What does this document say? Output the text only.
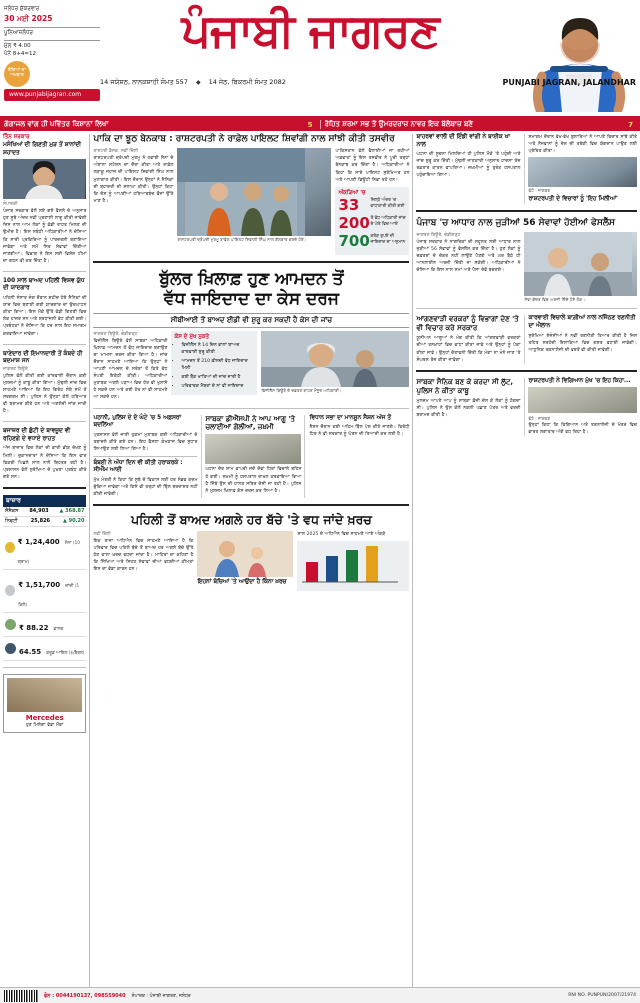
ਜਲੰਧਰ ਸ਼ੁੱਕਰਵਾਰ
30 ਮਈ 2025
ਪੂਨਿਆਜ਼ਲੰਧਰ
ਮੁੱਲ ₹ 4.00
ਪੰਨੇ 8+4=12
ਬੱਚਿਆਂ ਦਾ ਅਖ਼ਬਾਰ
www.punjabijagran.com
ਪੰਜਾਬੀ ਜਾਗਰਣ
14 ਜਯੇਸ਼ਠ, ਨਾਨਕਸ਼ਾਹੀ ਸੰਮਤ 557 ◆ 14 ਜੇਠ, ਬਿਕਰਮੀ ਸੰਮਤ 2082	PUNJABI JAGRAN, JALANDHAR
ਗੰਗਾਜਲ ਵਾਂਗ ਹੀ ਪਵਿੱਤਰ ਕਿਸ਼ਾਨਾਂ ਲਿਖਾ	5	ਰੋਹਿਤ ਸ਼ਰਮਾ ਸਭ ਤੋਂ ਉਮਰਦਰਾਜ਼ ਨਾਵਰ ਇਕ ਬੱਲੇਬਾਜ਼ ਬਣੇ	7
ਤਿੰਨ ਸਰਕਾਰ
ਮਸੰਖਿਆਂ ਦੀ ਗਿਣਤੀ ਮੁੜ ਤੋਂ ਸ਼ਾਨਾਂਦੀ ਸ਼ਹਾਦਤ
ਸੰਪਾਦਕੀ
ਪੰਜਾਬ ਸਰਕਾਰ ਵੱਲੋਂ ਲਏ ਗਏ ਫ਼ੈਸਲੇ ਦੇ ਅਨੁਸਾਰ ਹੁਣ ਸੂਬੇ ਅੰਦਰ ਨਵੀਂ ਪ੍ਰਣਾਲੀ ਲਾਗੂ ਕੀਤੀ ਜਾਵੇਗੀ ਜਿਸ ਨਾਲ ਆਮ ਲੋਕਾਂ ਨੂੰ ਵੱਡੀ ਰਾਹਤ ਮਿਲਣ ਦੀ ਉਮੀਦ ਹੈ। ਇਸ ਸਬੰਧੀ ਅਧਿਕਾਰੀਆਂ ਨੇ ਦੱਸਿਆ ਕਿ ਸਾਰੀ ਪ੍ਰਕਿਰਿਆ ਨੂੰ ਪਾਰਦਰਸ਼ੀ ਬਣਾਇਆ ਜਾਵੇਗਾ ਅਤੇ ਸਮੇਂ ਸਿਰ ਸੇਵਾਵਾਂ ਦਿੱਤੀਆਂ ਜਾਣਗੀਆਂ। ਵਿਭਾਗ ਨੇ ਇਸ ਲਈ ਵਿਸ਼ੇਸ਼ ਟੀਮਾਂ ਦਾ ਗਠਨ ਵੀ ਕਰ ਦਿੱਤਾ ਹੈ।
100 ਸਾਲ ਬਾਅਦ ਪਹਿਲੀ ਵਿਸ਼ਵ ਯੁੱਧ ਦੀ ਯਾਦਗਾਰ
ਪਹਿਲੀ ਸੰਸਾਰ ਜੰਗ ਦੌਰਾਨ ਸ਼ਹੀਦ ਹੋਏ ਸੈਨਿਕਾਂ ਦੀ ਯਾਦ ਵਿਚ ਬਣਾਈ ਗਈ ਯਾਦਗਾਰ ਦਾ ਉਦਘਾਟਨ ਕੀਤਾ ਗਿਆ। ਇਸ ਮੌਕੇ ਉੱਤੇ ਵੱਡੀ ਗਿਣਤੀ ਵਿਚ ਲੋਕ ਹਾਜ਼ਰ ਸਨ ਅਤੇ ਸ਼ਰਧਾਂਜਲੀ ਭੇਟ ਕੀਤੀ ਗਈ। ਪ੍ਰਬੰਧਕਾਂ ਨੇ ਦੱਸਿਆ ਕਿ ਹਰ ਸਾਲ ਇਹ ਸਮਾਗਮ ਕਰਵਾਇਆ ਜਾਵੇਗਾ।
ਥਾਣੇਦਾਰ ਦੀ ਇਮਾਨਦਾਰੀ ਤੋਂ ਕੰਬਦੇ ਹੀ ਬਦਮਾਸ਼ ਸਨ
ਜਾਗਰਣ ਬਿਊਰੋ
ਪੁਲਿਸ ਵੱਲੋਂ ਕੀਤੀ ਗਈ ਕਾਰਵਾਈ ਦੌਰਾਨ ਕਈ ਮੁਲਜ਼ਮਾਂ ਨੂੰ ਕਾਬੂ ਕੀਤਾ ਗਿਆ। ਮੁੱਢਲੀ ਜਾਂਚ ਵਿਚ ਸਾਹਮਣੇ ਆਇਆ ਕਿ ਇਹ ਗਿਰੋਹ ਲੰਬੇ ਸਮੇਂ ਤੋਂ ਸਰਗਰਮ ਸੀ। ਪੁਲਿਸ ਨੇ ਉਨ੍ਹਾਂ ਕੋਲੋਂ ਹਥਿਆਰ ਵੀ ਬਰਾਮਦ ਕੀਤੇ ਹਨ ਅਤੇ ਅਗਲੇਰੀ ਜਾਂਚ ਜਾਰੀ ਹੈ।
ਬਜਾਜ਼ਰ ਦੀ ਛੁੱਟੀ ਦੇ ਬਾਵਜੂਦ ਵੀ ਰਹਿਣਗੇ ਦੇ ਵਧਾਏ ਰਾਹਤ
ਅੱਜ ਬਾਜ਼ਾਰ ਵਿਚ ਲੋਕਾਂ ਦੀ ਭਾਰੀ ਭੀੜ ਦੇਖਣ ਨੂੰ ਮਿਲੀ। ਦੁਕਾਨਦਾਰਾਂ ਨੇ ਦੱਸਿਆ ਕਿ ਇਸ ਵਾਰ ਵਿਕਰੀ ਪਿਛਲੇ ਸਾਲ ਨਾਲੋਂ ਬਿਹਤਰ ਰਹੀ ਹੈ। ਪ੍ਰਸ਼ਾਸਨ ਵੱਲੋਂ ਸੁਰੱਖਿਆ ਦੇ ਪੁਖ਼ਤਾ ਪ੍ਰਬੰਧ ਕੀਤੇ ਗਏ ਸਨ।
ਬਾਜ਼ਾਰ
ਸੈਂਸੈਕਸ 84,903 ▲ 368.87
ਨਿਫਟੀ	25,826	▲ 90.20
₹ 1,24,400 ਸੋਨਾ (10 ਗ੍ਰਾਮ)
₹ 1,51,700 ਚਾਂਦੀ (1 ਕਿਲੋ)
₹ 88.22 ਡਾਲਰ
64.55 ਕਰੂਡ ਆਇਲ ($/ਬੈਰਲ)
Mercedes
ਹੁਣ ਮਿਲੇਗਾ ਵੱਡਾ ਮੌਕਾ
ਪਾਕਿ ਦਾ ਝੂਠ ਬੇਨਕਾਬ : ਰਾਸ਼ਟਰਪਤੀ ਨੇ ਰਾਫ਼ੇਲ ਪਾਇਲਟ ਸ਼ਿਵਾਂਗੀ ਨਾਲ ਸਾਂਝੀ ਕੀਤੀ ਤਸਵੀਰ
ਰਾਸ਼ਟਰੀ ਡੈਸਕ, ਨਵੀਂ ਦਿੱਲੀ
ਰਾਸ਼ਟਰਪਤੀ ਦ੍ਰੋਪਦੀ ਮੁਰਮੂ ਨੇ ਹਵਾਈ ਸੈਨਾ ਦੇ ਅੰਬਾਲਾ ਸਟੇਸ਼ਨ ਦਾ ਦੌਰਾ ਕੀਤਾ ਅਤੇ ਰਾਫ਼ੇਲ ਲੜਾਕੂ ਜਹਾਜ਼ ਦੀ ਪਾਇਲਟ ਸ਼ਿਵਾਂਗੀ ਸਿੰਘ ਨਾਲ ਮੁਲਾਕਾਤ ਕੀਤੀ। ਇਸ ਦੌਰਾਨ ਉਨ੍ਹਾਂ ਨੇ ਸੈਨਿਕਾਂ ਦੀ ਬਹਾਦਰੀ ਦੀ ਸ਼ਲਾਘਾ ਕੀਤੀ। ਉਨ੍ਹਾਂ ਕਿਹਾ ਕਿ ਦੇਸ਼ ਨੂੰ ਆਪਣੀਆਂ ਹਥਿਆਰਬੰਦ ਫੌਜਾਂ ਉੱਤੇ ਮਾਣ ਹੈ।
ਰਾਸ਼ਟਰਪਤੀ ਦ੍ਰੋਪਦੀ ਮੁਰਮੂ ਰਾਫ਼ੇਲ ਪਾਇਲਟ ਸ਼ਿਵਾਂਗੀ ਸਿੰਘ ਨਾਲ ਗੱਲਬਾਤ ਕਰਦੇ ਹੋਏ।
ਪਾਕਿਸਤਾਨ ਵੱਲੋਂ ਫੈਲਾਈਆਂ ਜਾ ਰਹੀਆਂ ਅਫ਼ਵਾਹਾਂ ਨੂੰ ਇਸ ਤਸਵੀਰ ਨੇ ਪੂਰੀ ਤਰ੍ਹਾਂ ਬੇਨਕਾਬ ਕਰ ਦਿੱਤਾ ਹੈ। ਅਧਿਕਾਰੀਆਂ ਨੇ ਕਿਹਾ ਕਿ ਸਾਰੇ ਪਾਇਲਟ ਸੁਰੱਖਿਅਤ ਹਨ ਅਤੇ ਆਪਣੀ ਡਿਊਟੀ ਨਿਭਾ ਰਹੇ ਹਨ।
ਅੰਕੜਿਆਂ 'ਚ
33	ਜ਼ਿਲ੍ਹੇ ਅੰਦਰ 'ਚ ਵਾਧਾਕਾਰੀ ਕੀਤੀ ਗਈ
200 ਤੋਂ ਵੱਧ ਅਧਿਕਾਰੀ ਜਾਂਚ ਦੇ ਘੇਰੇ ਵਿਚ ਆਏ
700 ਕਰੋੜ ਰੁਪਏ ਦੀ ਜਾਇਦਾਦ ਦਾ ਅਨੁਮਾਨ
ਬੁੱਲਰ ਖ਼ਿਲਾਫ਼ ਹੁਣ ਆਮਦਨ ਤੋਂ
ਵੱਧ ਜਾਇਦਾਦ ਦਾ ਕੇਸ ਦਰਜ
ਸੀਬੀਆਈ ਤੋਂ ਬਾਅਦ ਈਡੀ ਵੀ ਸ਼ੁਰੂ ਕਰ ਸਕਦੀ ਹੈ ਕੇਸ ਦੀ ਜਾਂਚ
ਜਾਗਰਣ ਬਿਊਰੋ, ਚੰਡੀਗੜ੍ਹ
ਵਿਜੀਲੈਂਸ ਬਿਊਰੋ ਵੱਲੋਂ ਸਾਬਕਾ ਅਧਿਕਾਰੀ ਖ਼ਿਲਾਫ਼ ਆਮਦਨ ਤੋਂ ਵੱਧ ਜਾਇਦਾਦ ਬਣਾਉਣ ਦਾ ਮਾਮਲਾ ਦਰਜ ਕੀਤਾ ਗਿਆ ਹੈ। ਜਾਂਚ ਦੌਰਾਨ ਸਾਹਮਣੇ ਆਇਆ ਕਿ ਉਨ੍ਹਾਂ ਨੇ ਆਪਣੀ ਆਮਦਨ ਦੇ ਸਰੋਤਾਂ ਤੋਂ ਕਿਤੇ ਵੱਧ ਸੰਪਤੀ ਇਕੱਠੀ ਕੀਤੀ। ਅਧਿਕਾਰੀਆਂ ਮੁਤਾਬਕ ਅਗਲੇ ਪੜਾਅ ਵਿਚ ਹੋਰ ਵੀ ਖੁਲਾਸੇ ਹੋ ਸਕਦੇ ਹਨ ਅਤੇ ਕਈ ਹੋਰ ਨਾਂ ਵੀ ਸਾਹਮਣੇ ਆ ਸਕਦੇ ਹਨ।
ਕੇਸ ਦੇ ਮੁੱਖ ਨੁਕਤੇ
• ਵਿਜੀਲੈਂਸ ਨੇ 14 ਦਿਨ ਭਾਲਾਂ ਬਾਅਦ ਕਾਰਵਾਈ ਸ਼ੁਰੂ ਕੀਤੀ
• ਆਮਦਨ ਤੋਂ 210 ਫ਼ੀਸਦੀ ਵੱਧ ਜਾਇਦਾਦ ਮਿਲੀ
• ਕਈ ਬੈਂਕ ਖਾਤਿਆਂ ਦੀ ਜਾਂਚ ਜਾਰੀ ਹੈ
• ਪਰਿਵਾਰਕ ਮੈਂਬਰਾਂ ਦੇ ਨਾਂ ਵੀ ਜਾਇਦਾਦ
ਵਿਜੀਲੈਂਸ ਬਿਊਰੋ ਦੇ ਦਫ਼ਤਰ ਬਾਹਰ ਮੌਜੂਦ ਅਧਿਕਾਰੀ।
ਪਠਾਨੀ, ਪੁਲਿਸ ਦੇ ਦੋ ਘੰਟੇ 'ਚ 5 ਅਫ਼ਸਰਾਂ ਬਦਲਿਆ
ਪ੍ਰਸ਼ਾਸਨ ਵੱਲੋਂ ਜਾਰੀ ਹੁਕਮਾਂ ਮੁਤਾਬਕ ਕਈ ਅਧਿਕਾਰੀਆਂ ਦੇ ਤਬਾਦਲੇ ਕੀਤੇ ਗਏ ਹਨ। ਇਹ ਫੈਸਲਾ ਕੰਮਕਾਜ ਵਿਚ ਸੁਧਾਰ ਲਿਆਉਣ ਲਈ ਲਿਆ ਗਿਆ ਹੈ।
ਬੰਬਈ ਨੇ ਅੱਧਾ ਦਿਨ ਵੀ ਕੀਤੀ ਹਰਾਕਰਕੇ : ਸੀਐੱਮ ਆਈ
ਮੁੱਖ ਮੰਤਰੀ ਨੇ ਕਿਹਾ ਕਿ ਸੂਬੇ ਦੇ ਵਿਕਾਸ ਲਈ ਹਰ ਸੰਭਵ ਕਦਮ ਚੁੱਕਿਆ ਜਾਵੇਗਾ ਅਤੇ ਕਿਸੇ ਵੀ ਤਰ੍ਹਾਂ ਦੀ ਢਿੱਲ ਬਰਦਾਸ਼ਤ ਨਹੀਂ ਕੀਤੀ ਜਾਵੇਗੀ।
ਸਾਬਕਾ ਡੀਐੱਸਪੀ ਨੇ ਆਪ ਆਗੂ 'ਤੇ ਚਲਾਈਆਂ ਗੋਲੀਆਂ, ਜ਼ਖ਼ਮੀ
ਘਟਨਾ ਦੇਰ ਸ਼ਾਮ ਵਾਪਰੀ ਜਦੋਂ ਦੋਵਾਂ ਧਿਰਾਂ ਵਿਚਾਲੇ ਬਹਿਸ ਹੋ ਗਈ। ਜ਼ਖ਼ਮੀ ਨੂੰ ਹਸਪਤਾਲ ਦਾਖ਼ਲ ਕਰਵਾਇਆ ਗਿਆ ਹੈ ਜਿੱਥੇ ਉਸ ਦੀ ਹਾਲਤ ਸਥਿਰ ਦੱਸੀ ਜਾ ਰਹੀ ਹੈ। ਪੁਲਿਸ ਨੇ ਮੁਲਜ਼ਮ ਖ਼ਿਲਾਫ਼ ਕੇਸ ਦਰਜ ਕਰ ਲਿਆ ਹੈ।
ਵਿਧਾਨ ਸਭਾ ਦਾ ਮਾਨਸੂਨ ਸੈਸ਼ਨ ਅੱਜ ਤੋਂ
ਸੈਸ਼ਨ ਦੌਰਾਨ ਕਈ ਅਹਿਮ ਬਿੱਲ ਪੇਸ਼ ਕੀਤੇ ਜਾਣਗੇ। ਵਿਰੋਧੀ ਧਿਰ ਨੇ ਵੀ ਸਰਕਾਰ ਨੂੰ ਘੇਰਨ ਦੀ ਤਿਆਰੀ ਕਰ ਲਈ ਹੈ।
ਪਹਿਲੀ ਤੋਂ ਬਾਅਦ ਅਗਲੇ ਹਰ ਬੱਚੇ 'ਤੇ ਵਧ ਜਾਂਦੇ ਖ਼ਰਚ
ਨਵੀਂ ਦਿੱਲੀ
ਇਕ ਤਾਜ਼ਾ ਅਧਿਐਨ ਵਿਚ ਸਾਹਮਣੇ ਆਇਆ ਹੈ ਕਿ ਪਰਿਵਾਰ ਵਿਚ ਪਹਿਲੇ ਬੱਚੇ ਤੋਂ ਬਾਅਦ ਹਰ ਅਗਲੇ ਬੱਚੇ ਉੱਤੇ ਹੋਣ ਵਾਲਾ ਖ਼ਰਚ ਵਧਦਾ ਜਾਂਦਾ ਹੈ। ਮਾਹਿਰਾਂ ਦਾ ਕਹਿਣਾ ਹੈ ਕਿ ਸਿੱਖਿਆ ਅਤੇ ਸਿਹਤ ਸੇਵਾਵਾਂ ਦੀਆਂ ਵਧਦੀਆਂ ਕੀਮਤਾਂ ਇਸ ਦਾ ਵੱਡਾ ਕਾਰਨ ਹਨ।
ਇਹਨਾਂ ਬੱਚਿਆਂ 'ਤੇ ਆਉਂਦਾ ਹੈ ਕਿੰਨਾ ਖ਼ਰਚ
ਸਾਲ 2025 ਦੇ ਅਧਿਐਨ ਵਿਚ ਸਾਹਮਣੇ ਆਏ ਅੰਕੜੇ
ਬਾਹਰਵਾਂ ਵਾਲੀ ਦੀ ਇੰਡੀ ਵਾਂਗੀ ਨੇ ਬਾਈਕ ਖਾ ਨਾਲ
ਘਟਨਾ ਦੀ ਸੂਚਨਾ ਮਿਲਦਿਆਂ ਹੀ ਪੁਲਿਸ ਮੌਕੇ 'ਤੇ ਪਹੁੰਚੀ ਅਤੇ ਜਾਂਚ ਸ਼ੁਰੂ ਕਰ ਦਿੱਤੀ। ਮੁੱਢਲੀ ਜਾਣਕਾਰੀ ਅਨੁਸਾਰ ਹਾਦਸਾ ਤੇਜ਼ ਰਫ਼ਤਾਰ ਕਾਰਨ ਵਾਪਰਿਆ। ਜ਼ਖ਼ਮੀਆਂ ਨੂੰ ਤੁਰੰਤ ਹਸਪਤਾਲ ਪਹੁੰਚਾਇਆ ਗਿਆ।
ਸਮਾਗਮ ਦੌਰਾਨ ਵੱਖ-ਵੱਖ ਬੁਲਾਰਿਆਂ ਨੇ ਆਪਣੇ ਵਿਚਾਰ ਸਾਂਝੇ ਕੀਤੇ ਅਤੇ ਨੌਜਵਾਨਾਂ ਨੂੰ ਦੇਸ਼ ਦੀ ਤਰੱਕੀ ਵਿਚ ਯੋਗਦਾਨ ਪਾਉਣ ਲਈ ਪ੍ਰੇਰਿਤ ਕੀਤਾ।
ਫੋਟੋ : ਜਾਗਰਣ
ਰਾਸ਼ਟਰਪਤੀ ਦੇ ਵਿਚਾਰਾਂ ਨੂੰ 'ਇਹ ਮਿਲੀਆਂ'
ਪੰਜਾਬ 'ਚ ਆਧਾਰ ਨਾਲ ਜੁੜੀਆਂ 56 ਸੇਵਾਵਾਂ ਹੋਈਆਂ ਫੇਸਲੈੱਸ
ਜਾਗਰਣ ਬਿਊਰੋ, ਚੰਡੀਗੜ੍ਹ
ਪੰਜਾਬ ਸਰਕਾਰ ਨੇ ਨਾਗਰਿਕਾਂ ਦੀ ਸਹੂਲਤ ਲਈ ਆਧਾਰ ਨਾਲ ਜੁੜੀਆਂ 56 ਸੇਵਾਵਾਂ ਨੂੰ ਫੇਸਲੈੱਸ ਕਰ ਦਿੱਤਾ ਹੈ। ਹੁਣ ਲੋਕਾਂ ਨੂੰ ਦਫ਼ਤਰਾਂ ਦੇ ਚੱਕਰ ਨਹੀਂ ਲਾਉਣੇ ਪੈਣਗੇ ਅਤੇ ਘਰ ਬੈਠੇ ਹੀ ਆਨਲਾਈਨ ਅਰਜ਼ੀ ਦਿੱਤੀ ਜਾ ਸਕੇਗੀ। ਅਧਿਕਾਰੀਆਂ ਨੇ ਦੱਸਿਆ ਕਿ ਇਸ ਨਾਲ ਸਮਾਂ ਅਤੇ ਪੈਸਾ ਦੋਵੇਂ ਬਚਣਗੇ।
ਸੇਵਾ ਕੇਂਦਰ ਵਿਚ ਅਰਜ਼ੀ ਦਿੰਦੇ ਹੋਏ ਲੋਕ।
ਆਂਗਣਵਾੜੀ ਵਰਕਰਾਂ ਨੂੰ ਵਿਭਾਗਾਂ ਦੇਣ 'ਤੇ ਵੀ ਵਿਚਾਰ ਕਰੇ ਸਰਕਾਰ
ਯੂਨੀਅਨ ਆਗੂਆਂ ਨੇ ਮੰਗ ਕੀਤੀ ਕਿ ਆਂਗਣਵਾੜੀ ਵਰਕਰਾਂ ਦੀਆਂ ਤਨਖ਼ਾਹਾਂ ਵਿਚ ਵਾਧਾ ਕੀਤਾ ਜਾਵੇ ਅਤੇ ਉਨ੍ਹਾਂ ਨੂੰ ਪੱਕਾ ਕੀਤਾ ਜਾਵੇ। ਉਨ੍ਹਾਂ ਚੇਤਾਵਨੀ ਦਿੱਤੀ ਕਿ ਮੰਗਾਂ ਨਾ ਮੰਨੇ ਜਾਣ 'ਤੇ ਸੰਘਰਸ਼ ਤੇਜ਼ ਕੀਤਾ ਜਾਵੇਗਾ।
ਕਾਰਵਾਈ ਵਿਚਾਲੇ ਬਾਗ਼ੀਆਂ ਨਾਲ ਨਜਿੱਠਣ ਰਣਨੀਤੀ ਦਾ ਐਲਾਨ
ਸੁਰੱਖਿਆ ਏਜੰਸੀਆਂ ਨੇ ਨਵੀਂ ਰਣਨੀਤੀ ਤਿਆਰ ਕੀਤੀ ਹੈ ਜਿਸ ਤਹਿਤ ਸਰਹੱਦੀ ਇਲਾਕਿਆਂ ਵਿਚ ਗਸ਼ਤ ਵਧਾਈ ਜਾਵੇਗੀ। ਆਧੁਨਿਕ ਤਕਨਾਲੋਜੀ ਦੀ ਵਰਤੋਂ ਵੀ ਕੀਤੀ ਜਾਵੇਗੀ।
ਸਾਬਕਾ ਸੈਨਿਕ ਬਣ ਕੇ ਕਰਦਾ ਸੀ ਲੁੱਟ, ਪੁਲਿਸ ਨੇ ਕੀਤਾ ਕਾਬੂ
ਮੁਲਜ਼ਮ ਆਪਣੇ ਆਪ ਨੂੰ ਸਾਬਕਾ ਫ਼ੌਜੀ ਦੱਸ ਕੇ ਲੋਕਾਂ ਨੂੰ ਠੱਗਦਾ ਸੀ। ਪੁਲਿਸ ਨੇ ਉਸ ਕੋਲੋਂ ਨਕਲੀ ਪਛਾਣ ਪੱਤਰ ਅਤੇ ਵਰਦੀ ਬਰਾਮਦ ਕੀਤੀ ਹੈ।
ਰਾਸ਼ਟਰਪਤੀ ਨੇ ਵਿਗਿਆਨ ਮੁੱਖ 'ਚ ਇਹ ਕਿਹਾ...
ਫੋਟੋ : ਜਾਗਰਣ
ਉਨ੍ਹਾਂ ਕਿਹਾ ਕਿ ਵਿਗਿਆਨ ਅਤੇ ਤਕਨਾਲੋਜੀ ਦੇ ਖੇਤਰ ਵਿਚ ਭਾਰਤ ਲਗਾਤਾਰ ਅੱਗੇ ਵਧ ਰਿਹਾ ਹੈ।
ਫੋਨ : 0044190137, 098559040 ਸੰਪਾਦਕ : ਪੰਜਾਬੀ ਜਾਗਰਣ, ਜਲੰਧਰ	RNI NO. PUNPUN/2007/21974
